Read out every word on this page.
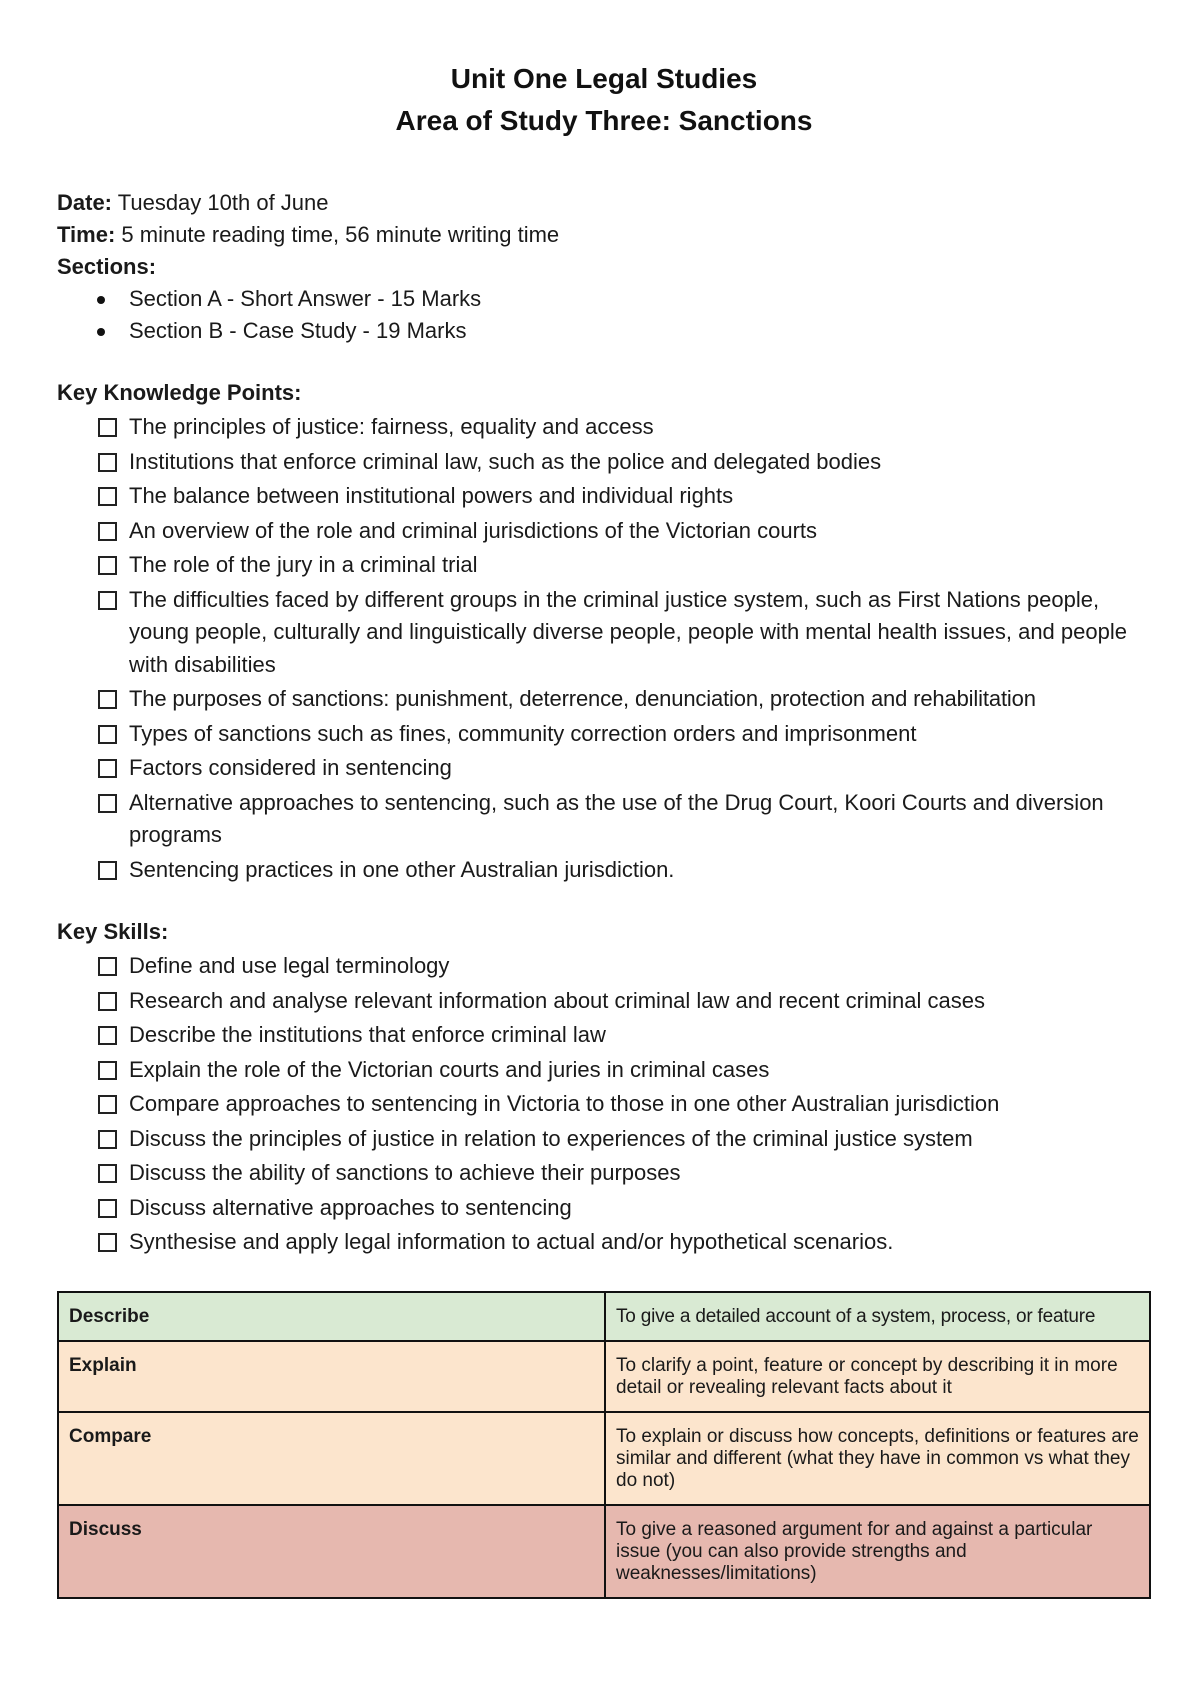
Unit One Legal Studies
Area of Study Three: Sanctions
Date: Tuesday 10th of June
Time: 5 minute reading time, 56 minute writing time
Sections:
Section A - Short Answer - 15 Marks
Section B - Case Study - 19 Marks
Key Knowledge Points:
The principles of justice: fairness, equality and access
Institutions that enforce criminal law, such as the police and delegated bodies
The balance between institutional powers and individual rights
An overview of the role and criminal jurisdictions of the Victorian courts
The role of the jury in a criminal trial
The difficulties faced by different groups in the criminal justice system, such as First Nations people, young people, culturally and linguistically diverse people, people with mental health issues, and people with disabilities
The purposes of sanctions: punishment, deterrence, denunciation, protection and rehabilitation
Types of sanctions such as fines, community correction orders and imprisonment
Factors considered in sentencing
Alternative approaches to sentencing, such as the use of the Drug Court, Koori Courts and diversion programs
Sentencing practices in one other Australian jurisdiction.
Key Skills:
Define and use legal terminology
Research and analyse relevant information about criminal law and recent criminal cases
Describe the institutions that enforce criminal law
Explain the role of the Victorian courts and juries in criminal cases
Compare approaches to sentencing in Victoria to those in one other Australian jurisdiction
Discuss the principles of justice in relation to experiences of the criminal justice system
Discuss the ability of sanctions to achieve their purposes
Discuss alternative approaches to sentencing
Synthesise and apply legal information to actual and/or hypothetical scenarios.
Describe	To give a detailed account of a system, process, or feature
Explain	To clarify a point, feature or concept by describing it in more detail or revealing relevant facts about it
Compare	To explain or discuss how concepts, definitions or features are similar and different (what they have in common vs what they do not)
Discuss	To give a reasoned argument for and against a particular issue (you can also provide strengths and weaknesses/limitations)
